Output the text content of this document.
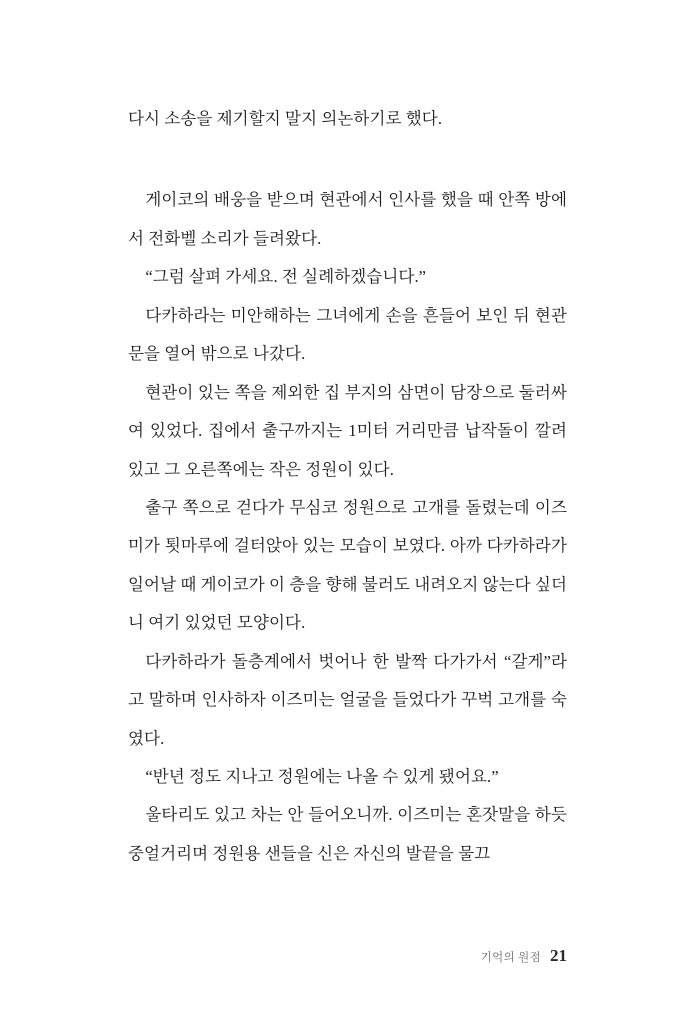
다시 소송을 제기할지 말지 의논하기로 했다.

게이코의 배웅을 받으며 현관에서 인사를 했을 때 안쪽 방에서 전화벨 소리가 들려왔다.

“그럼 살펴 가세요. 전 실례하겠습니다.”

다카하라는 미안해하는 그녀에게 손을 흔들어 보인 뒤 현관문을 열어 밖으로 나갔다.

현관이 있는 쪽을 제외한 집 부지의 삼면이 담장으로 둘러싸여 있었다. 집에서 출구까지는 1미터 거리만큼 납작돌이 깔려 있고 그 오른쪽에는 작은 정원이 있다.

출구 쪽으로 걷다가 무심코 정원으로 고개를 돌렸는데 이즈미가 툇마루에 걸터앉아 있는 모습이 보였다. 아까 다카하라가 일어날 때 게이코가 이 층을 향해 불러도 내려오지 않는다 싶더니 여기 있었던 모양이다.

다카하라가 돌층계에서 벗어나 한 발짝 다가가서 “갈게”라고 말하며 인사하자 이즈미는 얼굴을 들었다가 꾸벅 고개를 숙였다.

“반년 정도 지나고 정원에는 나올 수 있게 됐어요.”

울타리도 있고 차는 안 들어오니까. 이즈미는 혼잣말을 하듯 중얼거리며 정원용 샌들을 신은 자신의 발끝을 물끄

기억의 원점 21
